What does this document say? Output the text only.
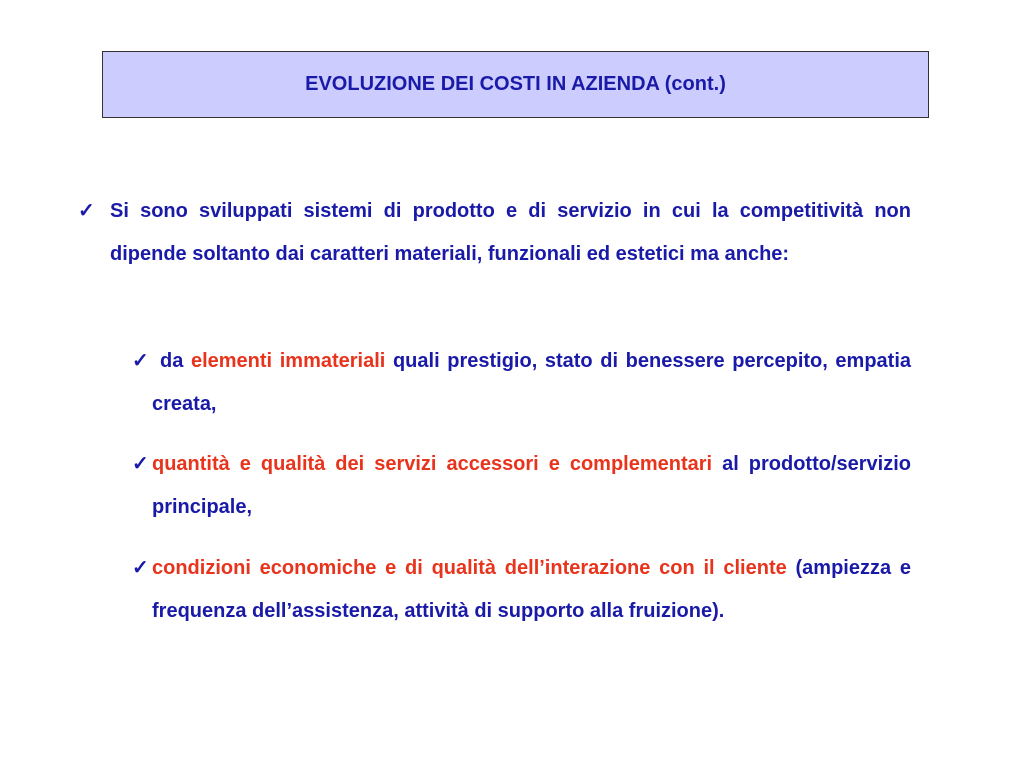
EVOLUZIONE DEI COSTI IN AZIENDA (cont.)
✓ Si sono sviluppati sistemi di prodotto e di servizio in cui la competitività non dipende soltanto dai caratteri materiali, funzionali ed estetici ma anche:
✓ da elementi immateriali quali prestigio, stato di benessere percepito, empatia creata,
✓ quantità e qualità dei servizi accessori e complementari al prodotto/servizio principale,
✓ condizioni economiche e di qualità dell’interazione con il cliente (ampiezza e frequenza dell’assistenza, attività di supporto alla fruizione).
